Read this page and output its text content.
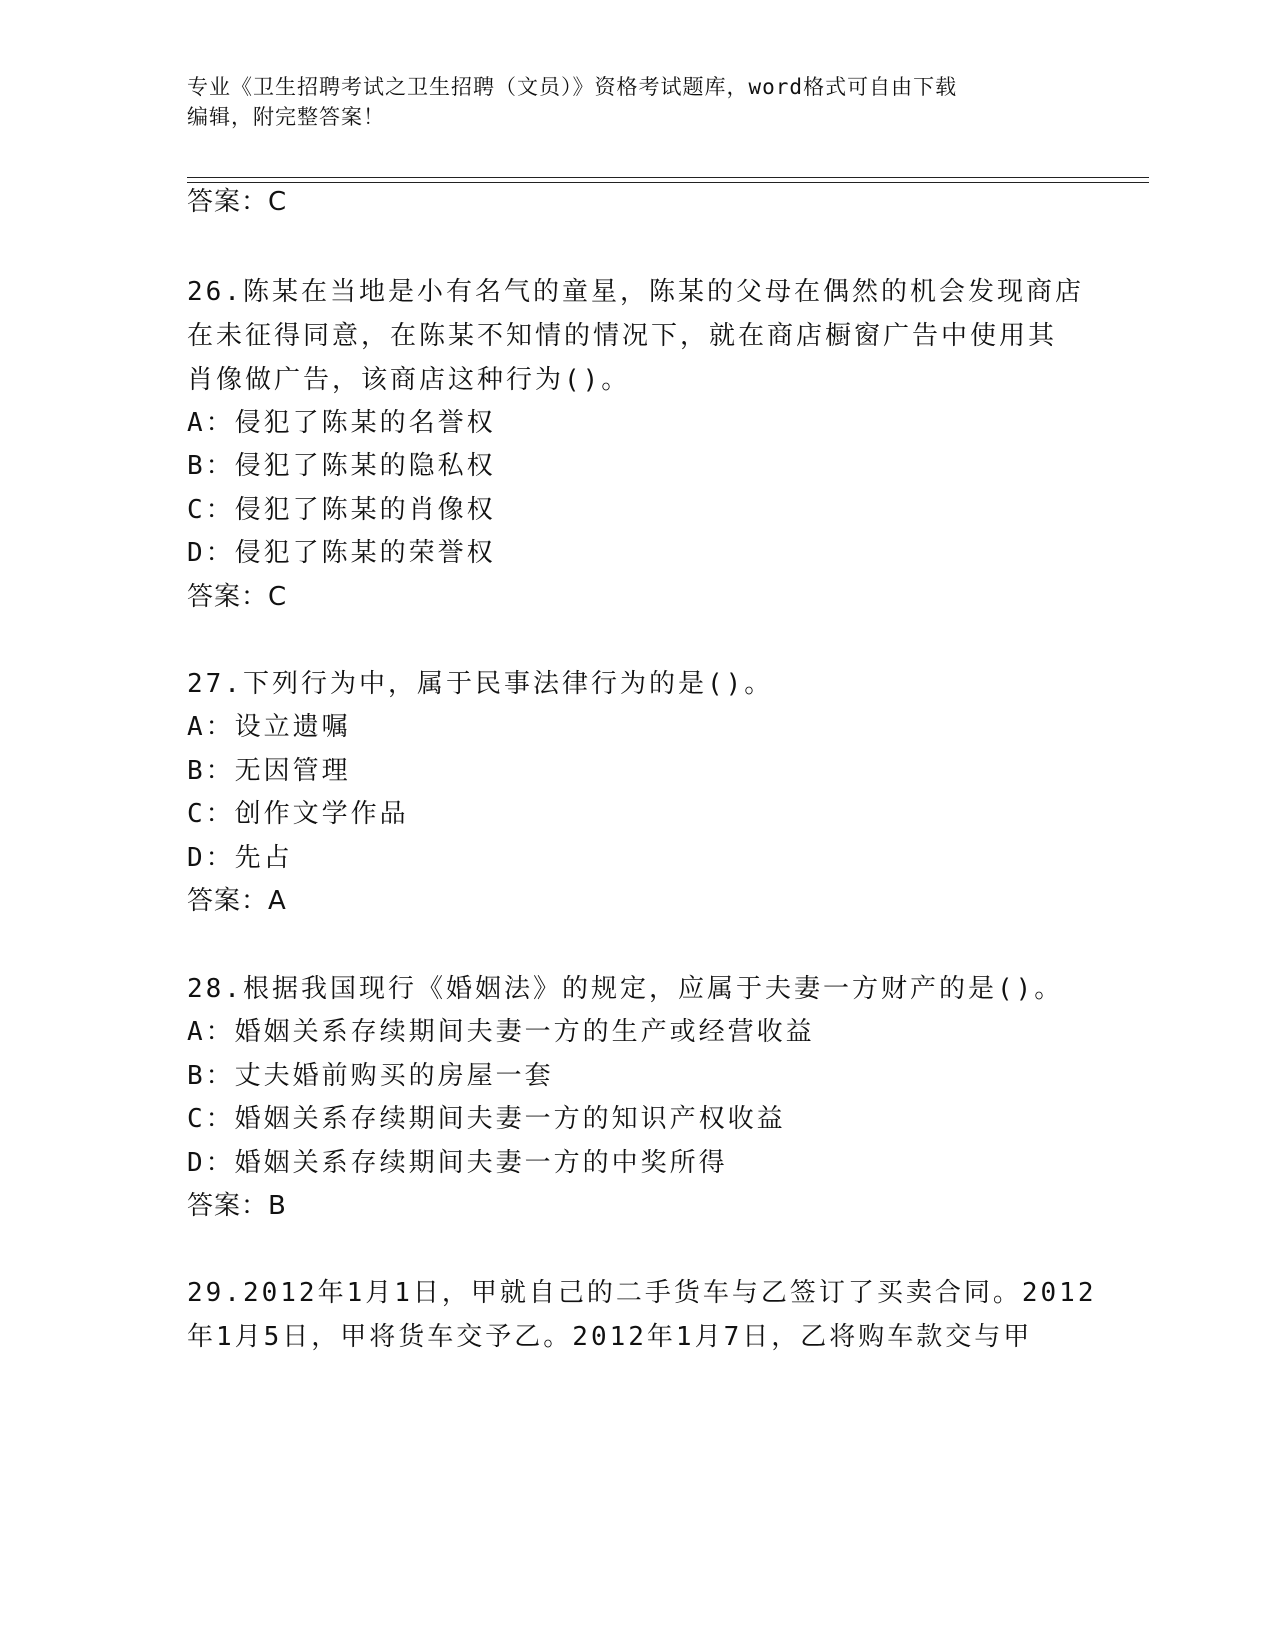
专业《卫生招聘考试之卫生招聘（文员）》资格考试题库，word格式可自由下载
编辑，附完整答案！
答案：C
26.陈某在当地是小有名气的童星，陈某的父母在偶然的机会发现商店
在未征得同意，在陈某不知情的情况下，就在商店橱窗广告中使用其
肖像做广告，该商店这种行为()。
A：侵犯了陈某的名誉权
B：侵犯了陈某的隐私权
C：侵犯了陈某的肖像权
D：侵犯了陈某的荣誉权
答案：C
27.下列行为中，属于民事法律行为的是()。
A：设立遗嘱
B：无因管理
C：创作文学作品
D：先占
答案：A
28.根据我国现行《婚姻法》的规定，应属于夫妻一方财产的是()。
A：婚姻关系存续期间夫妻一方的生产或经营收益
B：丈夫婚前购买的房屋一套
C：婚姻关系存续期间夫妻一方的知识产权收益
D：婚姻关系存续期间夫妻一方的中奖所得
答案：B
29.2012年1月1日，甲就自己的二手货车与乙签订了买卖合同。2012
年1月5日，甲将货车交予乙。2012年1月7日，乙将购车款交与甲
